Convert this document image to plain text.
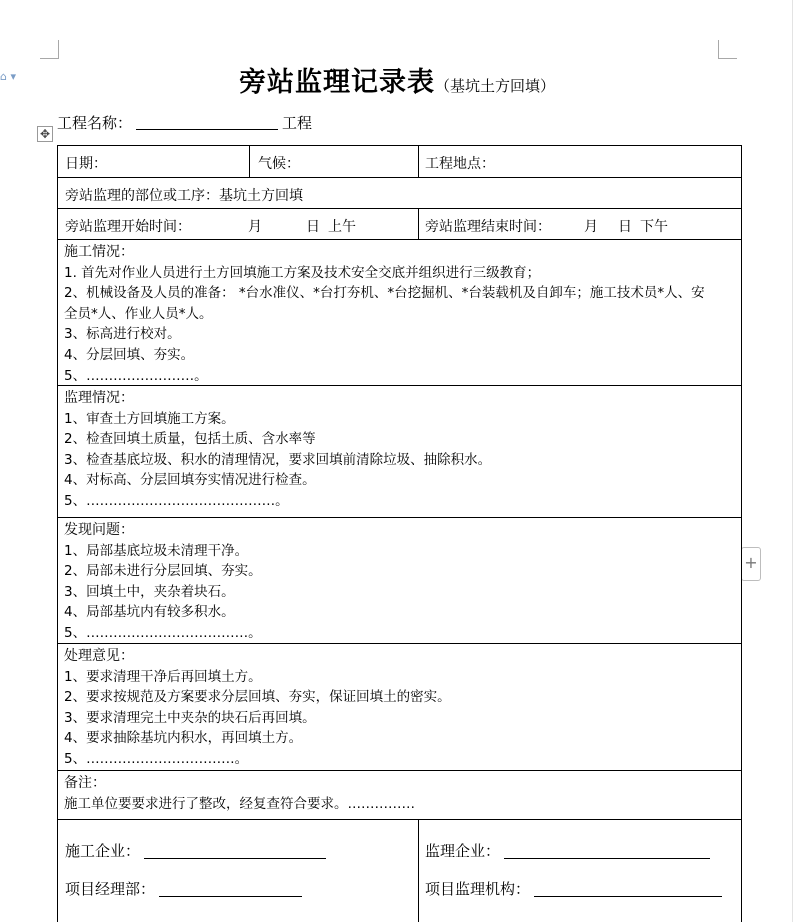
⌂ ▾	旁站监理记录表（基坑土方回填）
工程名称：	工程
✥
+
日期：	气候：	工程地点：
旁站监理的部位或工序：基坑土方回填
旁站监理开始时间：	月	日 上午	旁站监理结束时间： 月 日 下午
施工情况：
1. 首先对作业人员进行土方回填施工方案及技术安全交底并组织进行三级教育；
2、机械设备及人员的准备： *台水准仪、*台打夯机、*台挖掘机、*台装载机及自卸车；施工技术员*人、安
全员*人、作业人员*人。
3、标高进行校对。
4、分层回填、夯实。
5、……………………。
监理情况：
1、审查土方回填施工方案。
2、检查回填土质量，包括土质、含水率等
3、检查基底垃圾、积水的清理情况，要求回填前清除垃圾、抽除积水。
4、对标高、分层回填夯实情况进行检查。
5、……………………………………。
发现问题：
1、局部基底垃圾未清理干净。
2、局部未进行分层回填、夯实。
3、回填土中，夹杂着块石。
4、局部基坑内有较多积水。
5、………………………………。
处理意见：
1、要求清理干净后再回填土方。
2、要求按规范及方案要求分层回填、夯实，保证回填土的密实。
3、要求清理完土中夹杂的块石后再回填。
4、要求抽除基坑内积水，再回填土方。
5、……………………………。
备注：
施工单位要要求进行了整改，经复查符合要求。……………
施工企业：	监理企业：
项目经理部：	项目监理机构：
